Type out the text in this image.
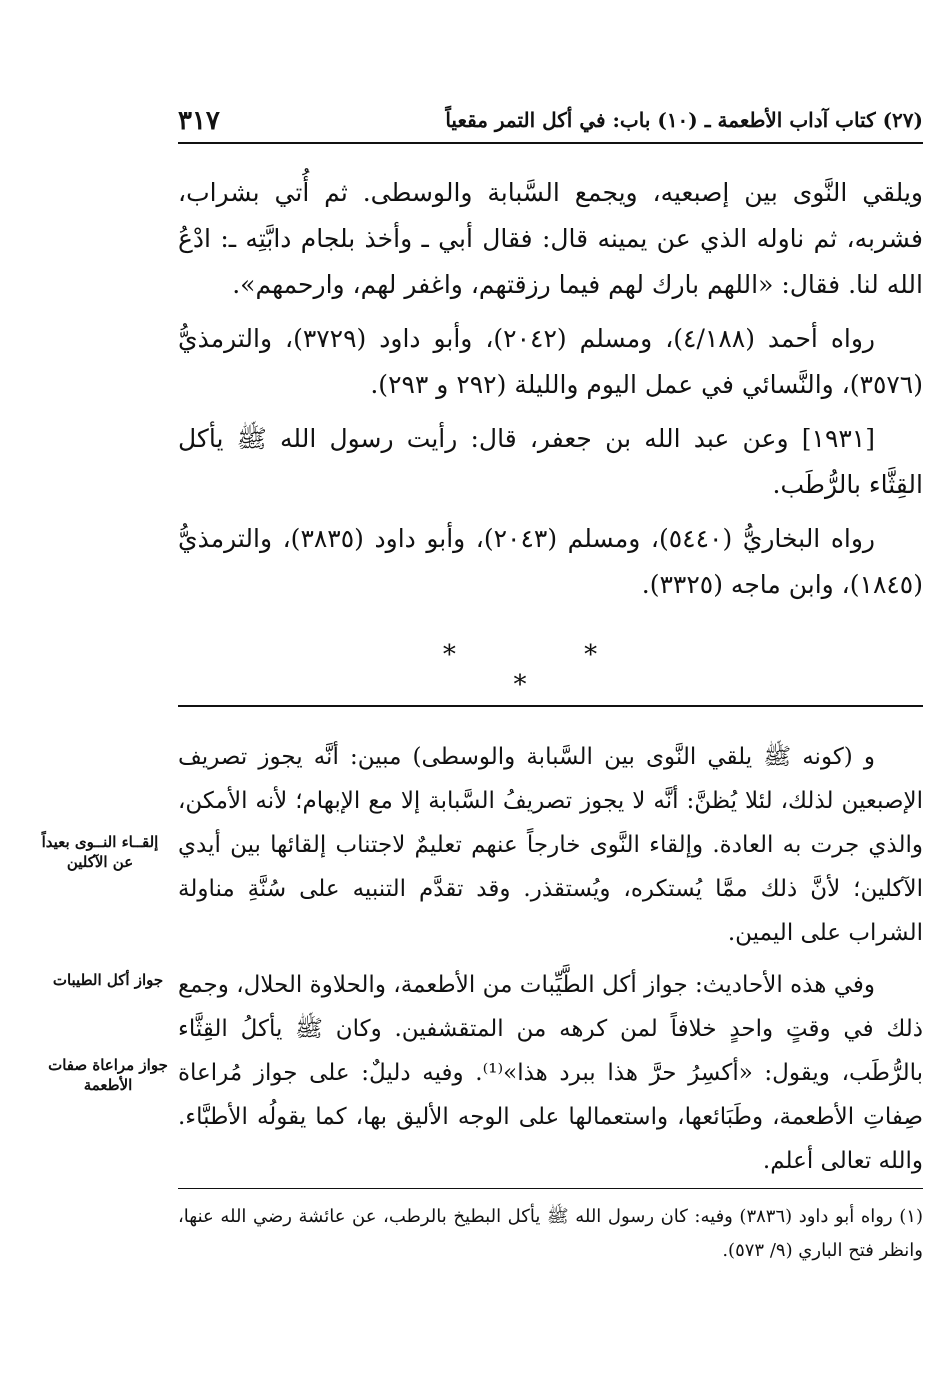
٣١٧	(٢٧) كتاب آداب الأطعمة ـ (١٠) باب: في أكل التمر مقعياً

ويلقي النَّوى بين إصبعيه، ويجمع السَّبابة والوسطى. ثم أُتي بشراب، فشربه، ثم ناوله الذي عن يمينه قال: فقال أبي ـ وأخذ بلجام دابَّتِه ـ: ادْعُ الله لنا. فقال: «اللهم بارك لهم فيما رزقتهم، واغفر لهم، وارحمهم».

رواه أحمد (٤/١٨٨)، ومسلم (٢٠٤٢)، وأبو داود (٣٧٢٩)، والترمذيُّ (٣٥٧٦)، والنَّسائي في عمل اليوم والليلة (٢٩٢ و ٢٩٣).

[١٩٣١] وعن عبد الله بن جعفر، قال: رأيت رسول الله ﷺ يأكل القِثَّاء بالرُّطَب.

رواه البخاريُّ (٥٤٤٠)، ومسلم (٢٠٤٣)، وأبو داود (٣٨٣٥)، والترمذيُّ (١٨٤٥)، وابن ماجه (٣٣٢٥).

* * *

و (كونه ﷺ يلقي النَّوى بين السَّبابة والوسطى) مبين: أنَّه يجوز تصريف الإصبعين لذلك، لئلا يُظنَّ: أنَّه لا يجوز تصريفُ السَّبابة إلا مع الإبهام؛ لأنه الأمكن، والذي جرت به العادة. وإلقاء النَّوى خارجاً عنهم تعليمٌ لاجتناب إلقائها بين أيدي الآكلين؛ لأنَّ ذلك ممَّا يُستكره، ويُستقذر. وقد تقدَّم التنبيه على سُنَّةِ مناولة الشراب على اليمين.

وفي هذه الأحاديث: جواز أكل الطَّيِّبات من الأطعمة، والحلاوة الحلال، وجمع ذلك في وقتٍ واحدٍ خلافاً لمن كرهه من المتقشفين. وكان ﷺ يأكلُ القِثَّاء بالرُّطَب، ويقول: «أكسِرُ حرَّ هذا ببرد هذا»⁽¹⁾. وفيه دليلٌ: على جواز مُراعاة صِفاتِ الأطعمة، وطَبَائعها، واستعمالها على الوجه الأليق بها، كما يقولُه الأطبَّاء. والله تعالى أعلم.

إلقــاء النــوى بعيداً عن الآكلين
جواز أكل الطيبات
جواز مراعاة صفات الأطعمة
(١) رواه أبو داود (٣٨٣٦) وفيه: كان رسول الله ﷺ يأكل البطيخ بالرطب، عن عائشة رضي الله عنها، وانظر فتح الباري (٩/ ٥٧٣).
